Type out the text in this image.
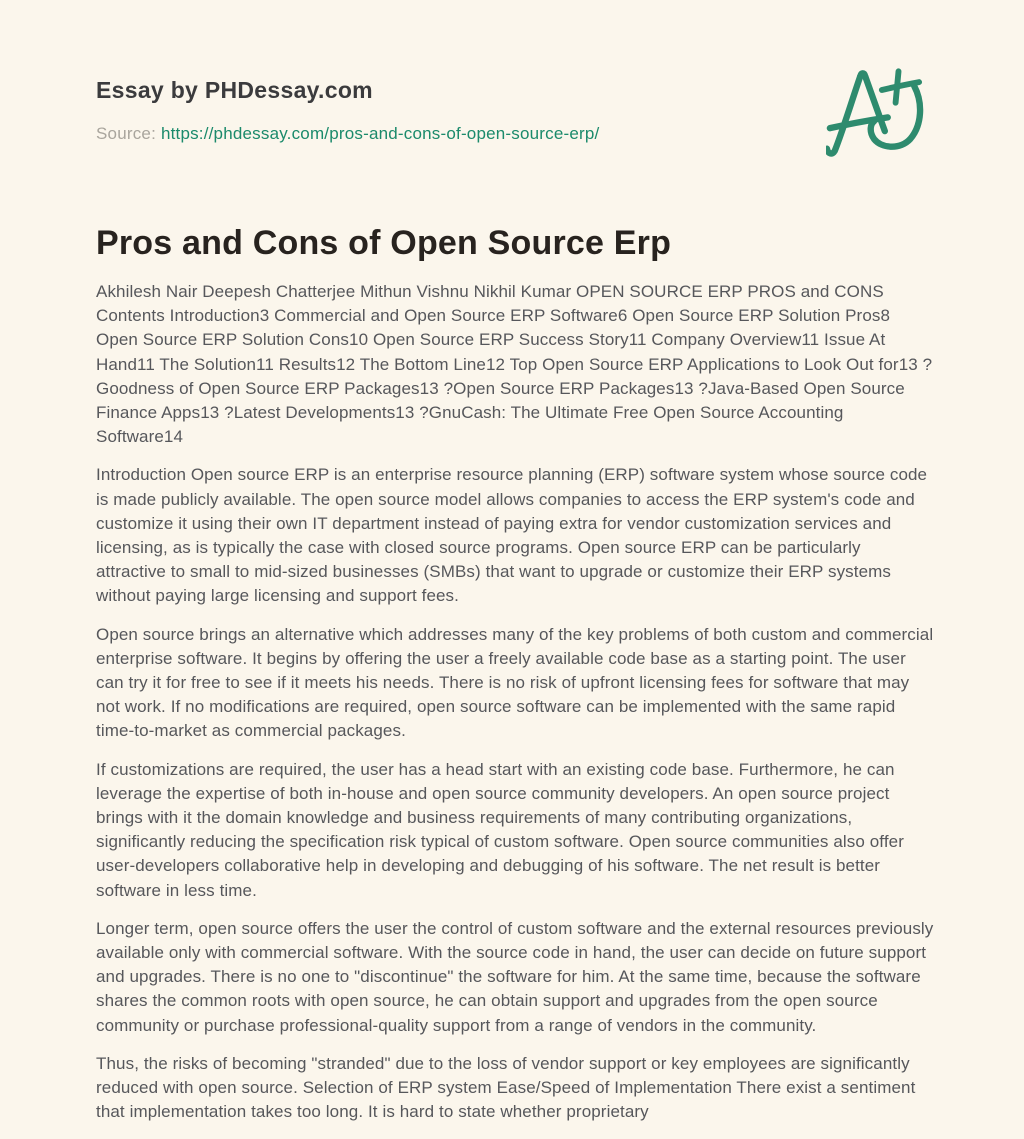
Essay by PHDessay.com
Source: https://phdessay.com/pros-and-cons-of-open-source-erp/
Pros and Cons of Open Source Erp

Akhilesh Nair Deepesh Chatterjee Mithun Vishnu Nikhil Kumar OPEN SOURCE ERP PROS and CONS Contents Introduction3 Commercial and Open Source ERP Software6 Open Source ERP Solution Pros8 Open Source ERP Solution Cons10 Open Source ERP Success Story11 Company Overview11 Issue At Hand11 The Solution11 Results12 The Bottom Line12 Top Open Source ERP Applications to Look Out for13 ?Goodness of Open Source ERP Packages13 ?Open Source ERP Packages13 ?Java-Based Open Source Finance Apps13 ?Latest Developments13 ?GnuCash: The Ultimate Free Open Source Accounting Software14

Introduction Open source ERP is an enterprise resource planning (ERP) software system whose source code is made publicly available. The open source model allows companies to access the ERP system's code and customize it using their own IT department instead of paying extra for vendor customization services and licensing, as is typically the case with closed source programs. Open source ERP can be particularly attractive to small to mid-sized businesses (SMBs) that want to upgrade or customize their ERP systems without paying large licensing and support fees.

Open source brings an alternative which addresses many of the key problems of both custom and commercial enterprise software. It begins by offering the user a freely available code base as a starting point. The user can try it for free to see if it meets his needs. There is no risk of upfront licensing fees for software that may not work. If no modifications are required, open source software can be implemented with the same rapid time-to-market as commercial packages.

If customizations are required, the user has a head start with an existing code base. Furthermore, he can leverage the expertise of both in-house and open source community developers. An open source project brings with it the domain knowledge and business requirements of many contributing organizations, significantly reducing the specification risk typical of custom software. Open source communities also offer user-developers collaborative help in developing and debugging of his software. The net result is better software in less time.

Longer term, open source offers the user the control of custom software and the external resources previously available only with commercial software. With the source code in hand, the user can decide on future support and upgrades. There is no one to "discontinue" the software for him. At the same time, because the software shares the common roots with open source, he can obtain support and upgrades from the open source community or purchase professional-quality support from a range of vendors in the community.

Thus, the risks of becoming "stranded" due to the loss of vendor support or key employees are significantly reduced with open source. Selection of ERP system Ease/Speed of Implementation There exist a sentiment that implementation takes too long. It is hard to state whether proprietary
